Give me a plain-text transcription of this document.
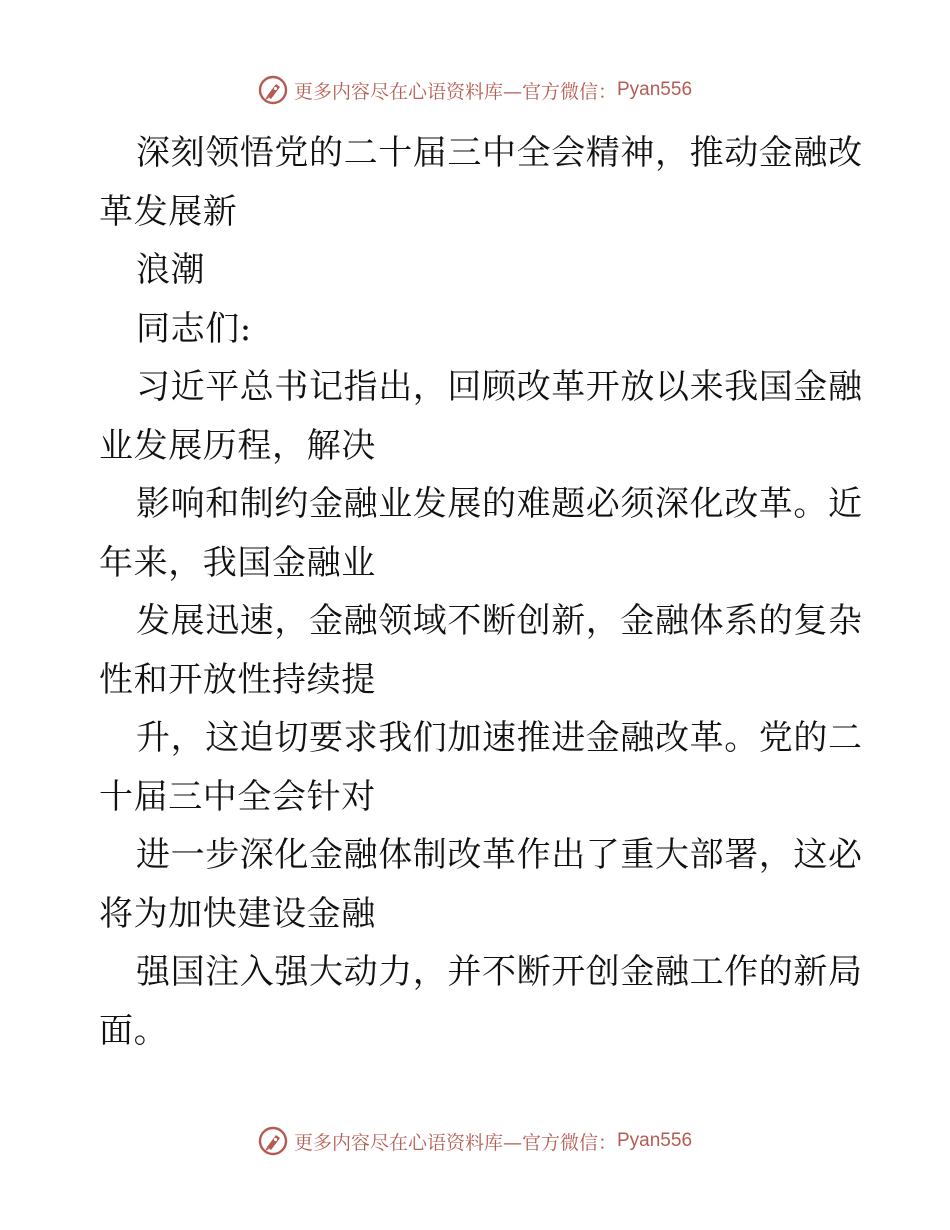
更多内容尽在心语资料库—官方微信： Pyan556
深刻领悟党的二十届三中全会精神，推动金融改
革发展新
浪潮
同志们:
习近平总书记指出，回顾改革开放以来我国金融
业发展历程，解决
影响和制约金融业发展的难题必须深化改革。近
年来，我国金融业
发展迅速，金融领域不断创新，金融体系的复杂
性和开放性持续提
升，这迫切要求我们加速推进金融改革。党的二
十届三中全会针对
进一步深化金融体制改革作出了重大部署，这必
将为加快建设金融
强国注入强大动力，并不断开创金融工作的新局
面。
更多内容尽在心语资料库—官方微信： Pyan556
